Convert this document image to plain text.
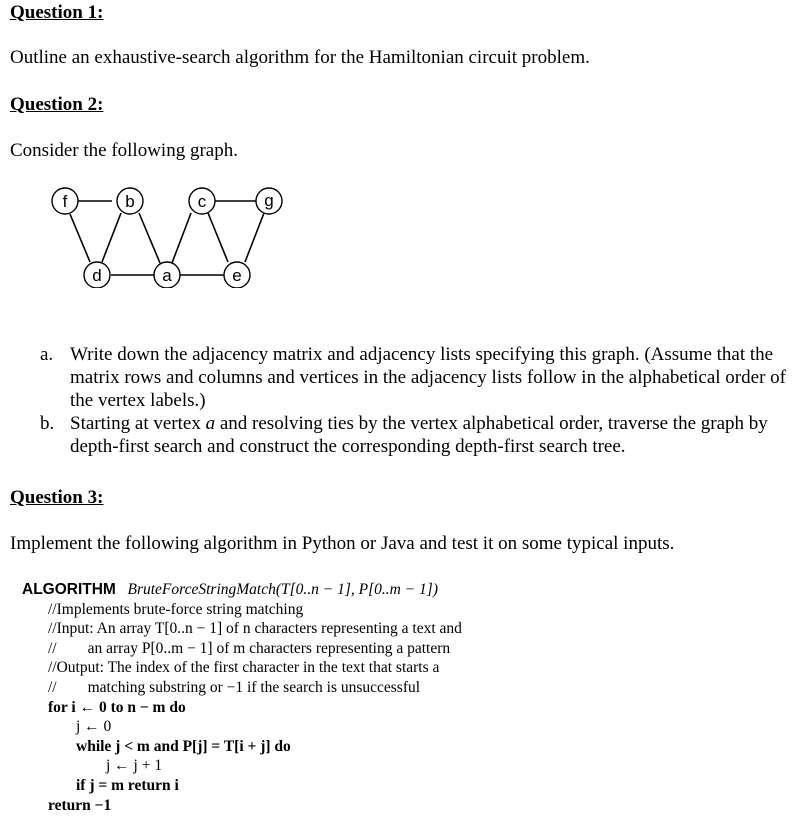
Question 1:
Outline an exhaustive-search algorithm for the Hamiltonian circuit problem.
Question 2:
Consider the following graph.
f	b	c	g
d	a	e
a. Write down the adjacency matrix and adjacency lists specifying this graph. (Assume that the matrix rows and columns and vertices in the adjacency lists follow in the alphabetical order of the vertex labels.)
b. Starting at vertex a and resolving ties by the vertex alphabetical order, traverse the graph by depth-first search and construct the corresponding depth-first search tree.
Question 3:
Implement the following algorithm in Python or Java and test it on some typical inputs.
ALGORITHM BruteForceStringMatch(T[0..n − 1], P[0..m − 1])
//Implements brute-force string matching
//Input: An array T[0..n − 1] of n characters representing a text and
//        an array P[0..m − 1] of m characters representing a pattern
//Output: The index of the first character in the text that starts a
//        matching substring or −1 if the search is unsuccessful
for i ← 0 to n − m do
j ← 0
while j < m and P[j] = T[i + j] do
j ← j + 1
if j = m return i
return −1
